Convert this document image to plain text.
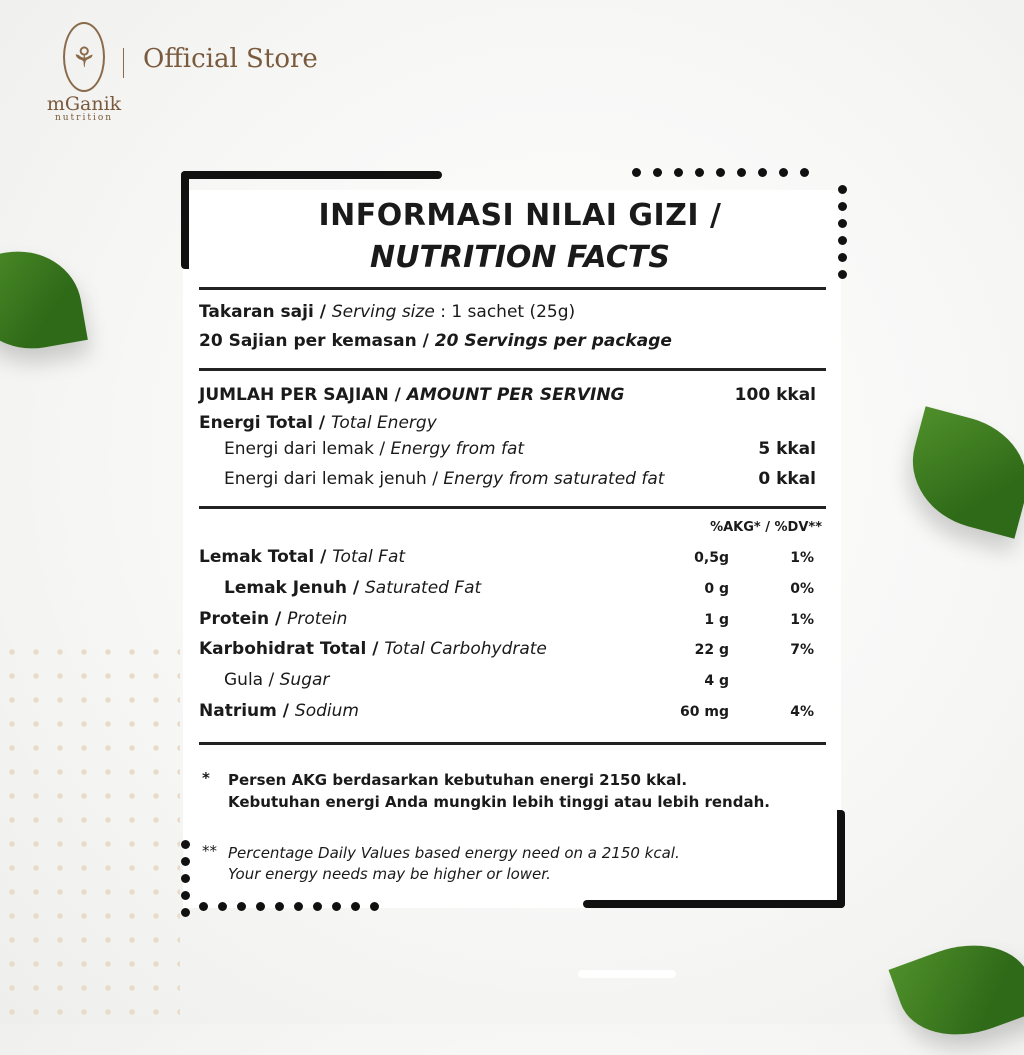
⚘
mGanik
nutrition
Official Store
INFORMASI NILAI GIZI /
NUTRITION FACTS
Takaran saji / Serving size : 1 sachet (25g)
20 Sajian per kemasan / 20 Servings per package
JUMLAH PER SAJIAN / AMOUNT PER SERVING	100 kkal
Energi Total / Total Energy
Energi dari lemak / Energy from fat	5 kkal
Energi dari lemak jenuh / Energy from saturated fat	0 kkal
%AKG* / %DV**
Lemak Total / Total Fat	0,5g	1%
Lemak Jenuh / Saturated Fat	0 g	0%
Protein / Protein	1 g	1%
Karbohidrat Total / Total Carbohydrate	22 g	7%
Gula / Sugar	4 g
Natrium / Sodium	60 mg	4%
* Persen AKG berdasarkan kebutuhan energi 2150 kkal.
Kebutuhan energi Anda mungkin lebih tinggi atau lebih rendah.
** Percentage Daily Values based energy need on a 2150 kcal.
Your energy needs may be higher or lower.
